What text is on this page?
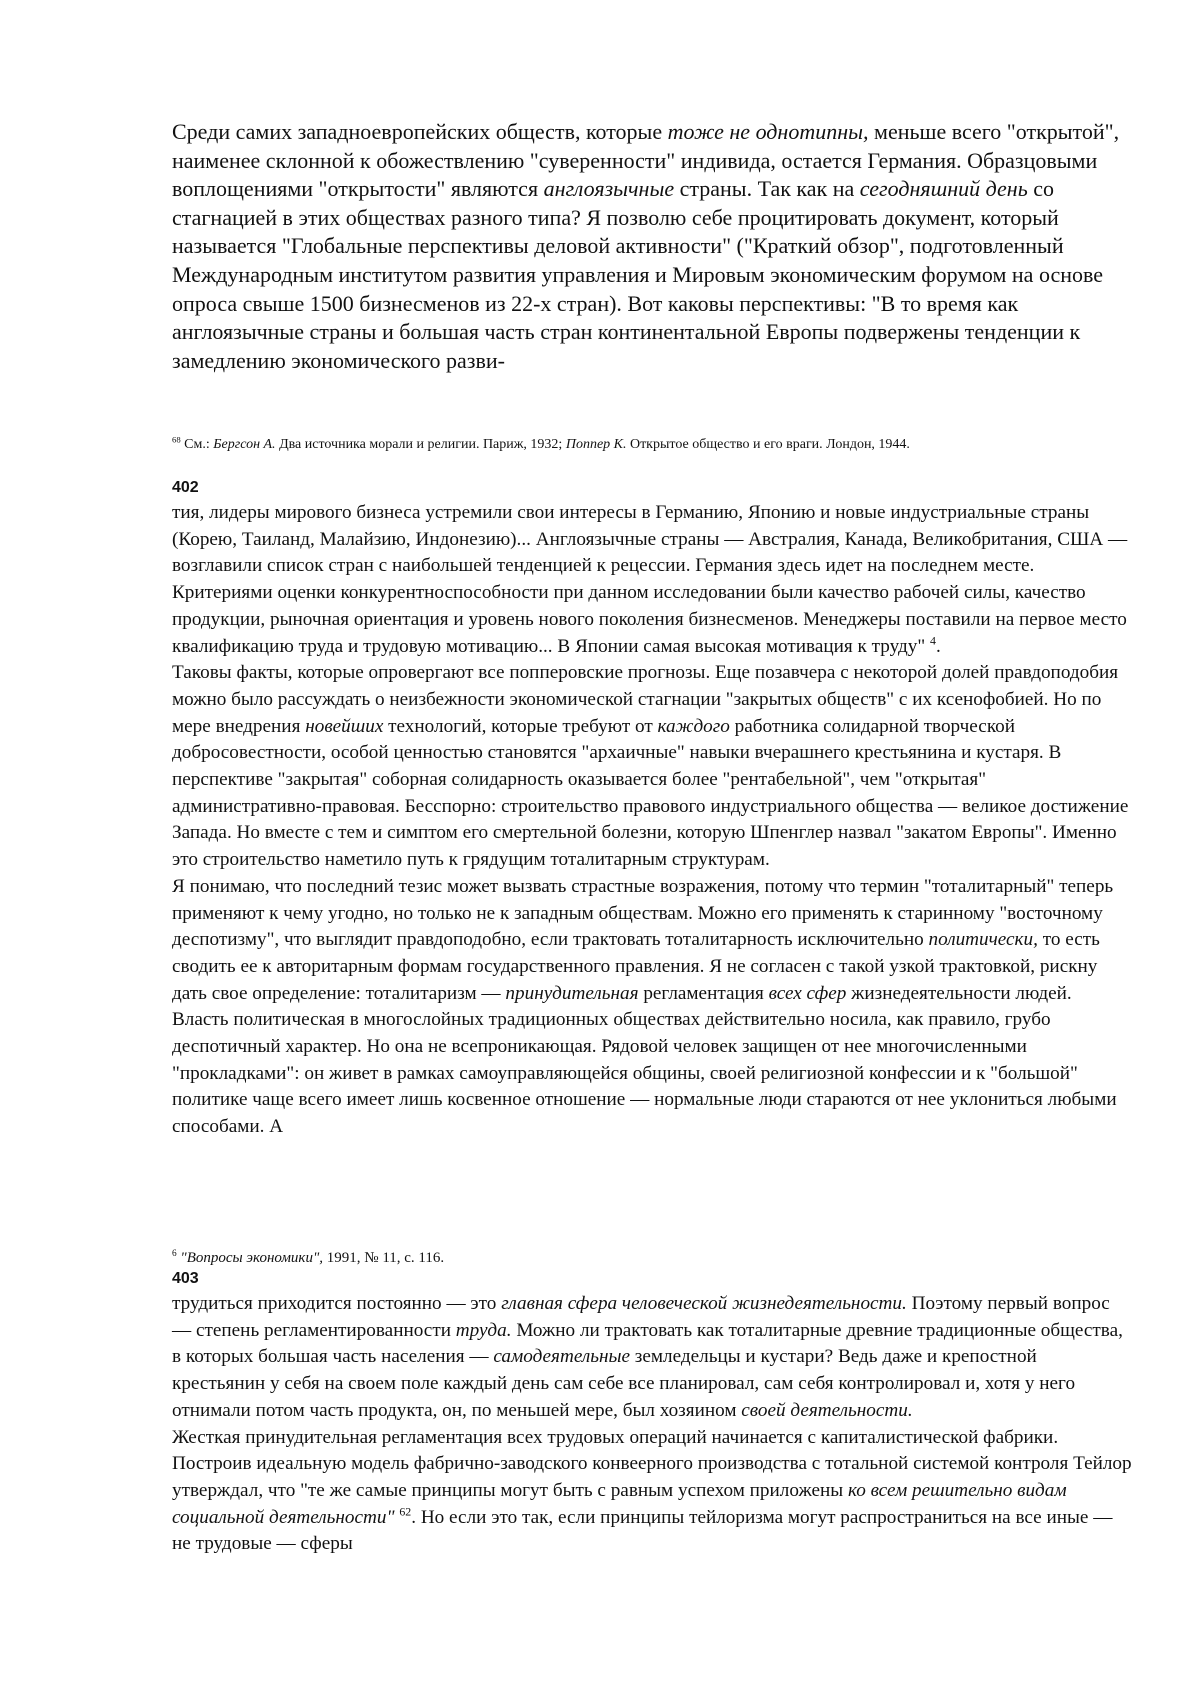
Среди самих западноевропейских обществ, которые тоже не однотипны, меньше всего "открытой", наименее склонной к обожествлению "суверенности" индивида, остается Германия. Образцовыми воплощениями "открытости" являются англоязычные страны. Так как на сегодняшний день со стагнацией в этих обществах разного типа? Я позволю себе процитировать документ, который называется "Глобальные перспективы деловой активности" ("Краткий обзор", подготовленный Международным институтом развития управления и Мировым экономическим форумом на основе опроса свыше 1500 бизнесменов из 22-х стран). Вот каковы перспективы: "В то время как англоязычные страны и большая часть стран континентальной Европы подвержены тенденции к замедлению экономического разви-

$^{68}$ См.: Бергсон А. Два источника морали и религии. Париж, 1932; Поппер К. Открытое общество и его враги. Лондон, 1944.

402

тия, лидеры мирового бизнеса устремили свои интересы в Германию, Японию и новые индустриальные страны (Корею, Таиланд, Малайзию, Индонезию)... Англоязычные страны — Австралия, Канада, Великобритания, США — возглавили список стран с наибольшей тенденцией к рецессии. Германия здесь идет на последнем месте. Критериями оценки конкурентноспособности при данном исследовании были качество рабочей силы, качество продукции, рыночная ориентация и уровень нового поколения бизнесменов. Менеджеры поставили на первое место квалификацию труда и трудовую мотивацию... В Японии самая высокая мотивация к труду" $^4$.

Таковы факты, которые опровергают все попперовские прогнозы. Еще позавчера с некоторой долей правдоподобия можно было рассуждать о неизбежности экономической стагнации "закрытых обществ" с их ксенофобией. Но по мере внедрения новейших технологий, которые требуют от каждого работника солидарной творческой добросовестности, особой ценностью становятся "архаичные" навыки вчерашнего крестьянина и кустаря. В перспективе "закрытая" соборная солидарность оказывается более "рентабельной", чем "открытая" административно-правовая. Бесспорно: строительство правового индустриального общества — великое достижение Запада. Но вместе с тем и симптом его смертельной болезни, которую Шпенглер назвал "закатом Европы". Именно это строительство наметило путь к грядущим тоталитарным структурам.

Я понимаю, что последний тезис может вызвать страстные возражения, потому что термин "тоталитарный" теперь применяют к чему угодно, но только не к западным обществам. Можно его применять к старинному "восточному деспотизму", что выглядит правдоподобно, если трактовать тоталитарность исключительно политически, то есть сводить ее к авторитарным формам государственного правления. Я не согласен с такой узкой трактовкой, рискну дать свое определение: тоталитаризм — принудительная регламентация всех сфер жизнедеятельности людей.

Власть политическая в многослойных традиционных обществах действительно носила, как правило, грубо деспотичный характер. Но она не всепроникающая. Рядовой человек защищен от нее многочисленными "прокладками": он живет в рамках самоуправляющейся общины, своей религиозной конфессии и к "большой" политике чаще всего имеет лишь косвенное отношение — нормальные люди стараются от нее уклониться любыми способами. А

$^6$ "Вопросы экономики", 1991, № 11, с. 116.

403

трудиться приходится постоянно — это главная сфера человеческой жизнедеятельности. Поэтому первый вопрос — степень регламентированности труда. Можно ли трактовать как тоталитарные древние традиционные общества, в которых большая часть населения — самодеятельные земледельцы и кустари? Ведь даже и крепостной крестьянин у себя на своем поле каждый день сам себе все планировал, сам себя контролировал и, хотя у него отнимали потом часть продукта, он, по меньшей мере, был хозяином своей деятельности.

Жесткая принудительная регламентация всех трудовых операций начинается с капиталистической фабрики. Построив идеальную модель фабрично-заводского конвеерного производства с тотальной системой контроля Тейлор утверждал, что "те же самые принципы могут быть с равным успехом приложены ко всем решительно видам социальной деятельности" $^{62}$. Но если это так, если принципы тейлоризма могут распространиться на все иные — не трудовые — сферы
